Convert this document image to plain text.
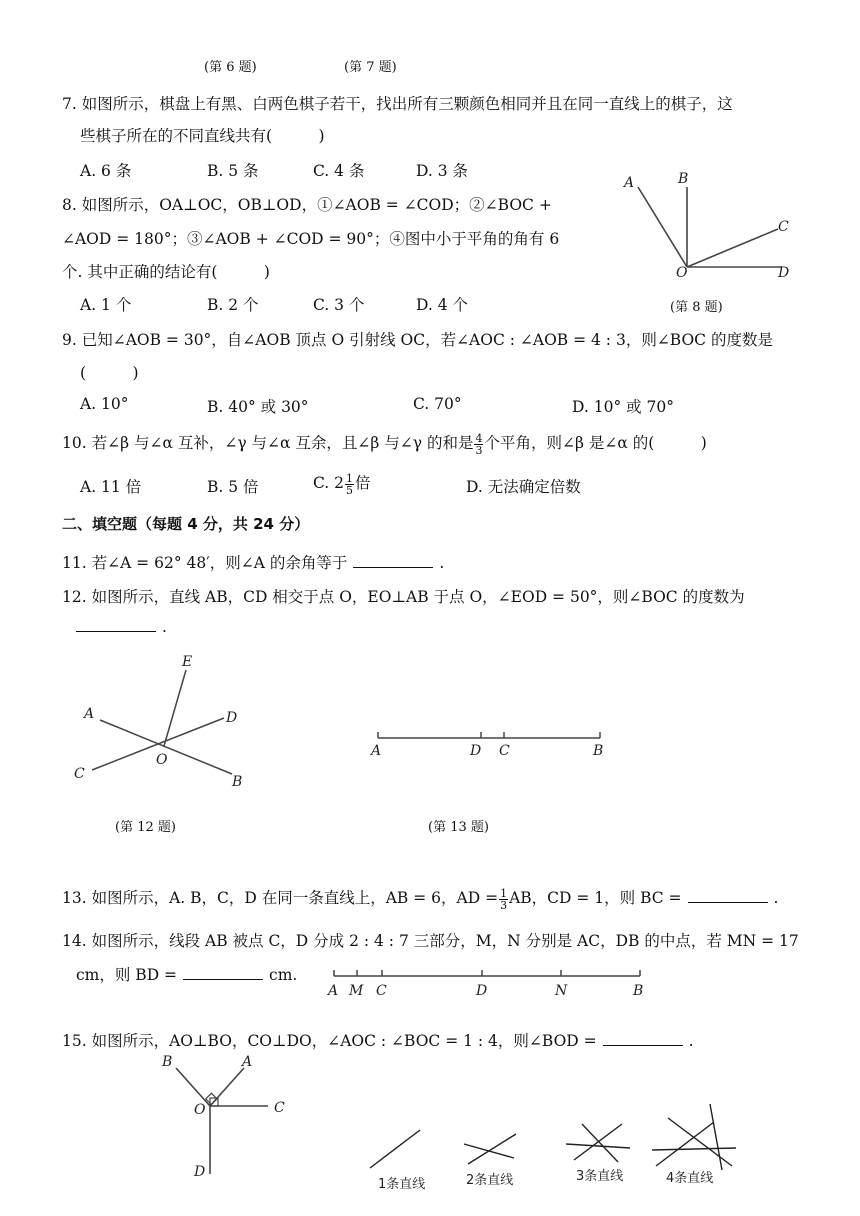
(第 6 题)	(第 7 题)
7. 如图所示，棋盘上有黑、白两色棋子若干，找出所有三颗颜色相同并且在同一直线上的棋子，这
些棋子所在的不同直线共有(　　　)
A. 6 条	B. 5 条	C. 4 条	D. 3 条
8. 如图所示，OA⊥OC，OB⊥OD，①∠AOB = ∠COD；②∠BOC +
∠AOD = 180°；③∠AOB + ∠COD = 90°；④图中小于平角的角有 6
个. 其中正确的结论有(　　　)
A. 1 个	B. 2 个	C. 3 个	D. 4 个
A	B
C
O	D
(第 8 题)
9. 已知∠AOB = 30°，自∠AOB 顶点 O 引射线 OC，若∠AOC : ∠AOB = 4 : 3，则∠BOC 的度数是
(　　　)
A. 10°	B. 40° 或 30°	C. 70°	D. 10° 或 70°
10. 若∠β 与∠α 互补，∠γ 与∠α 互余，且∠β 与∠γ 的和是 $\frac{4}{3}$ 个平角，则∠β 是∠α 的(　　　)
A. 11 倍	B. 5 倍	C. $2 \frac{1}{5}$ 倍	D. 无法确定倍数
二、填空题（每题 4 分，共 24 分）
11. 若∠A = 62° 48′，则∠A 的余角等于	.
12. 如图所示，直线 AB，CD 相交于点 O，EO⊥AB 于点 O，∠EOD = 50°，则∠BOC 的度数为
.
E
A	D
O
C	B
(第 12 题)
A	D C	B
(第 13 题)
13. 如图所示，A. B，C，D 在同一条直线上，AB = 6，AD = $\frac{1}{3}$ AB，CD = 1，则 BC =	.
14. 如图所示，线段 AB 被点 C，D 分成 2 : 4 : 7 三部分，M，N 分别是 AC，DB 的中点，若 MN = 17
cm，则 BD =	cm.
A M C	D	N	B
15. 如图所示，AO⊥BO，CO⊥DO，∠AOC : ∠BOC = 1 : 4，则∠BOD =	.
B	A
O	C
D
1条直线	2条直线	3条直线	4条直线
